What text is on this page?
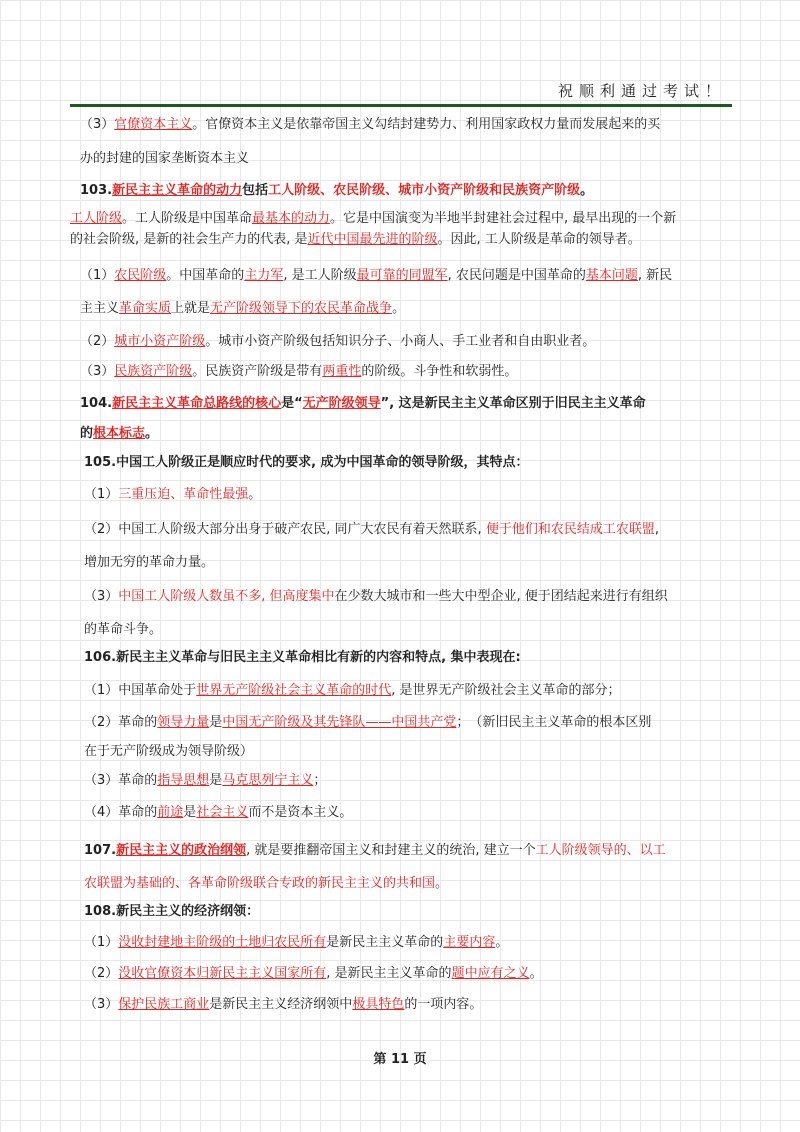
祝顺利通过考试！
（3）官僚资本主义。官僚资本主义是依靠帝国主义勾结封建势力、利用国家政权力量而发展起来的买
办的封建的国家垄断资本主义
103.新民主主义革命的动力包括工人阶级、农民阶级、城市小资产阶级和民族资产阶级。
工人阶级。工人阶级是中国革命最基本的动力。它是中国演变为半地半封建社会过程中, 最早出现的一个新
的社会阶级, 是新的社会生产力的代表, 是近代中国最先进的阶级。因此, 工人阶级是革命的领导者。
（1）农民阶级。中国革命的主力军, 是工人阶级最可靠的同盟军, 农民问题是中国革命的基本问题, 新民
主主义革命实质上就是无产阶级领导下的农民革命战争。
（2）城市小资产阶级。城市小资产阶级包括知识分子、小商人、手工业者和自由职业者。
（3）民族资产阶级。民族资产阶级是带有两重性的阶级。斗争性和软弱性。
104.新民主主义革命总路线的核心是“无产阶级领导”, 这是新民主主义革命区别于旧民主主义革命
的根本标志。
105.中国工人阶级正是顺应时代的要求, 成为中国革命的领导阶级，其特点：
（1）三重压迫、革命性最强。
（2）中国工人阶级大部分出身于破产农民, 同广大农民有着天然联系, 便于他们和农民结成工农联盟,
增加无穷的革命力量。
（3）中国工人阶级人数虽不多, 但高度集中在少数大城市和一些大中型企业, 便于团结起来进行有组织
的革命斗争。
106.新民主主义革命与旧民主主义革命相比有新的内容和特点, 集中表现在:
（1）中国革命处于世界无产阶级社会主义革命的时代, 是世界无产阶级社会主义革命的部分；
（2）革命的领导力量是中国无产阶级及其先锋队——中国共产党；　（新旧民主主义革命的根本区别
在于无产阶级成为领导阶级）
（3）革命的指导思想是马克思列宁主义；
（4）革命的前途是社会主义而不是资本主义。
107.新民主主义的政治纲领, 就是要推翻帝国主义和封建主义的统治, 建立一个工人阶级领导的、以工
农联盟为基础的、各革命阶级联合专政的新民主主义的共和国。
108.新民主主义的经济纲领：
（1）没收封建地主阶级的土地归农民所有是新民主主义革命的主要内容。
（2）没收官僚资本归新民主主义国家所有, 是新民主主义革命的题中应有之义。
（3）保护民族工商业是新民主主义经济纲领中极具特色的一项内容。
第 11 页
